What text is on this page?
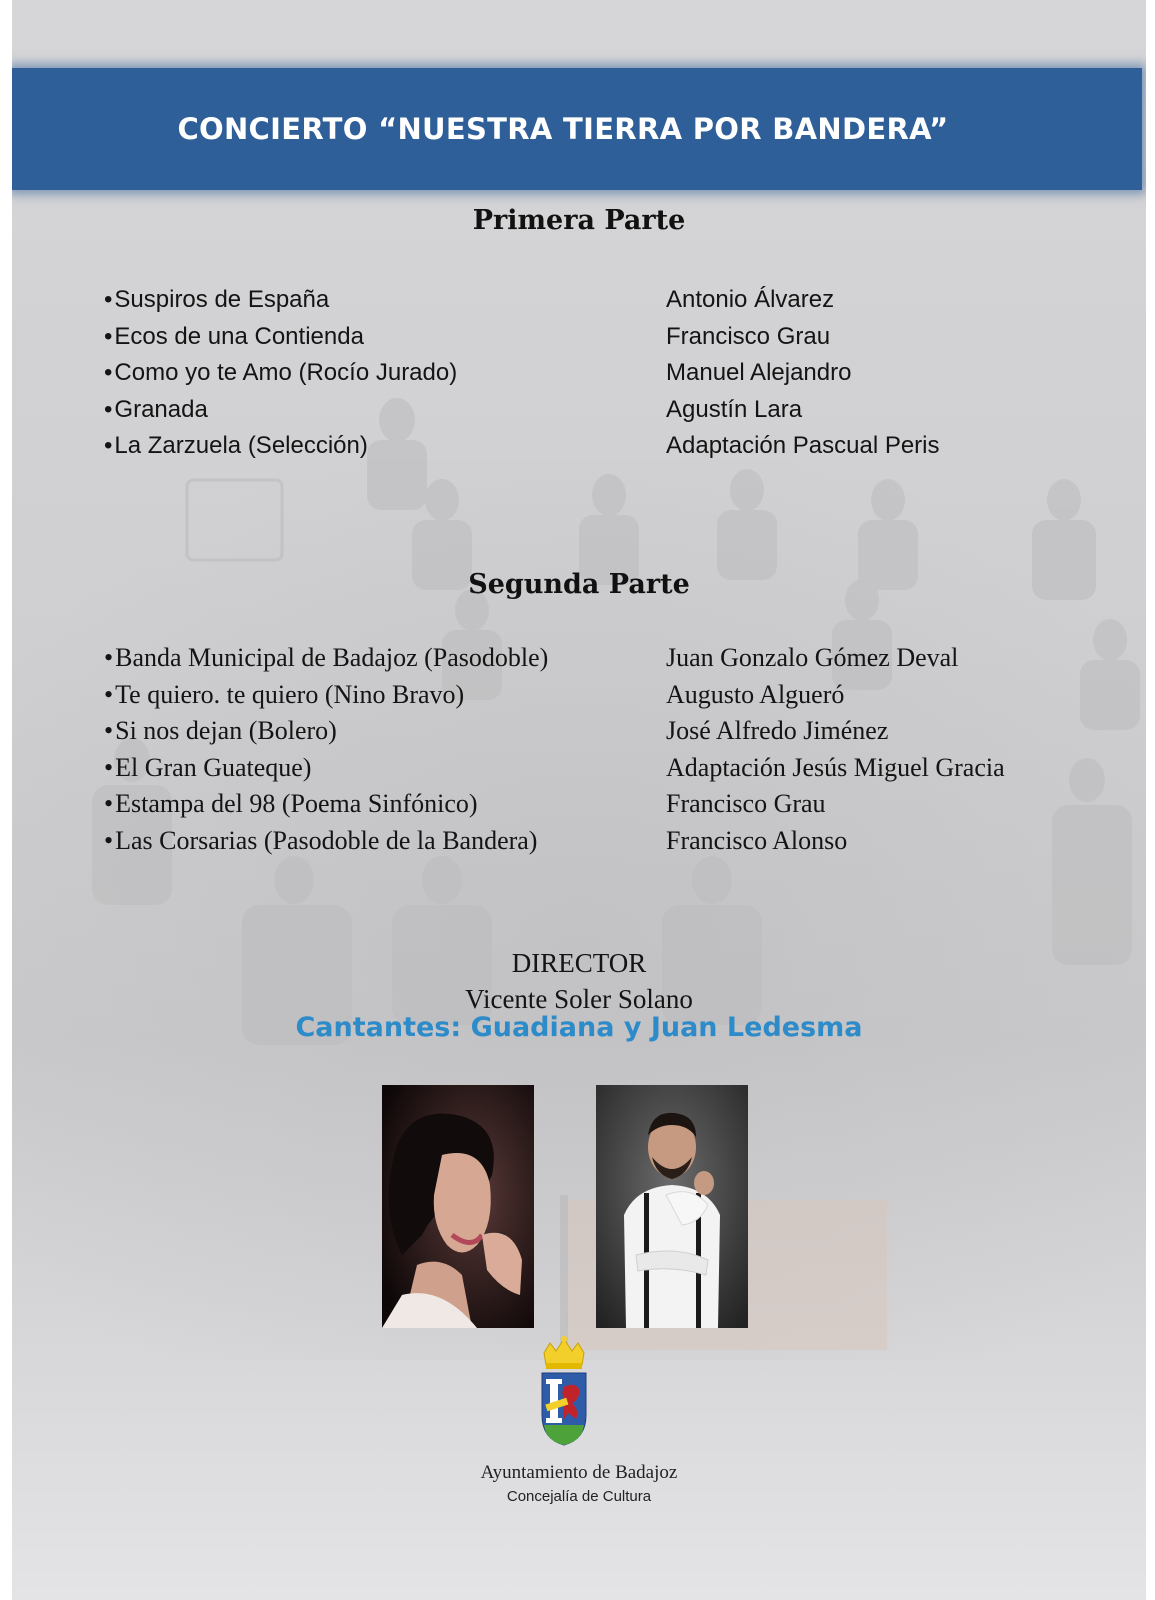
CONCIERTO “NUESTRA TIERRA POR BANDERA”
Primera Parte
•Suspiros de España	Antonio Álvarez
•Ecos de una Contienda	Francisco Grau
•Como yo te Amo (Rocío Jurado)	Manuel Alejandro
•Granada	Agustín Lara
•La Zarzuela (Selección)	Adaptación Pascual Peris
Segunda Parte
•Banda Municipal de Badajoz (Pasodoble)	Juan Gonzalo Gómez Deval
•Te quiero. te quiero (Nino Bravo)	Augusto Algueró
•Si nos dejan (Bolero)	José Alfredo Jiménez
•El Gran Guateque)	Adaptación Jesús Miguel Gracia
•Estampa del 98 (Poema Sinfónico)	Francisco Grau
•Las Corsarias (Pasodoble de la Bandera)	Francisco Alonso
DIRECTOR
Vicente Soler Solano
Cantantes: Guadiana y Juan Ledesma
Ayuntamiento de Badajoz
Concejalía de Cultura
